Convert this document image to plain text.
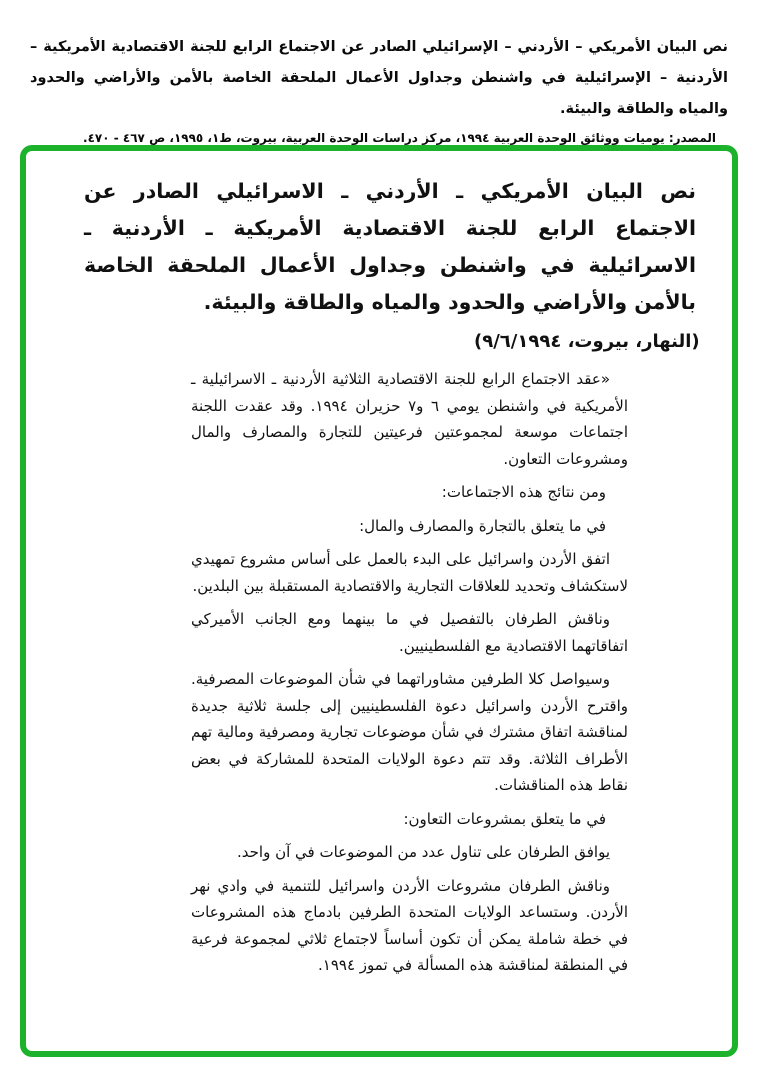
نص البيان الأمريكي – الأردني – الإسرائيلي الصادر عن الاجتماع الرابع للجنة الاقتصادية الأمريكية – الأردنية – الإسرائيلية في واشنطن وجداول الأعمال الملحقة الخاصة بالأمن والأراضي والحدود والمياه والطاقة والبيئة.
المصدر: يوميات ووثائق الوحدة العربية ١٩٩٤، مركز دراسات الوحدة العربية، بيروت، ط١، ١٩٩٥، ص ٤٦٧ - ٤٧٠.
نص البيان الأمريكي ـ الأردني ـ الاسرائيلي الصادر عن الاجتماع الرابع للجنة الاقتصادية الأمريكية ـ الأردنية ـ الاسرائيلية في واشنطن وجداول الأعمال الملحقة الخاصة بالأمن والأراضي والحدود والمياه والطاقة والبيئة.
(النهار، بيروت، ٩/٦/١٩٩٤)

«عقد الاجتماع الرابع للجنة الاقتصادية الثلاثية الأردنية ـ الاسرائيلية ـ الأمريكية في واشنطن يومي ٦ و٧ حزيران ١٩٩٤. وقد عقدت اللجنة اجتماعات موسعة لمجموعتين فرعيتين للتجارة والمصارف والمال ومشروعات التعاون.

ومن نتائج هذه الاجتماعات:

في ما يتعلق بالتجارة والمصارف والمال:

اتفق الأردن واسرائيل على البدء بالعمل على أساس مشروع تمهيدي لاستكشاف وتحديد للعلاقات التجارية والاقتصادية المستقبلة بين البلدين.

وناقش الطرفان بالتفصيل في ما بينهما ومع الجانب الأميركي اتفاقاتهما الاقتصادية مع الفلسطينيين.

وسيواصل كلا الطرفين مشاوراتهما في شأن الموضوعات المصرفية. واقترح الأردن واسرائيل دعوة الفلسطينيين إلى جلسة ثلاثية جديدة لمناقشة اتفاق مشترك في شأن موضوعات تجارية ومصرفية ومالية تهم الأطراف الثلاثة. وقد تتم دعوة الولايات المتحدة للمشاركة في بعض نقاط هذه المناقشات.

في ما يتعلق بمشروعات التعاون:

يوافق الطرفان على تناول عدد من الموضوعات في آن واحد.

وناقش الطرفان مشروعات الأردن واسرائيل للتنمية في وادي نهر الأردن. وستساعد الولايات المتحدة الطرفين بادماج هذه المشروعات في خطة شاملة يمكن أن تكون أساساً لاجتماع ثلاثي لمجموعة فرعية في المنطقة لمناقشة هذه المسألة في تموز ١٩٩٤.
